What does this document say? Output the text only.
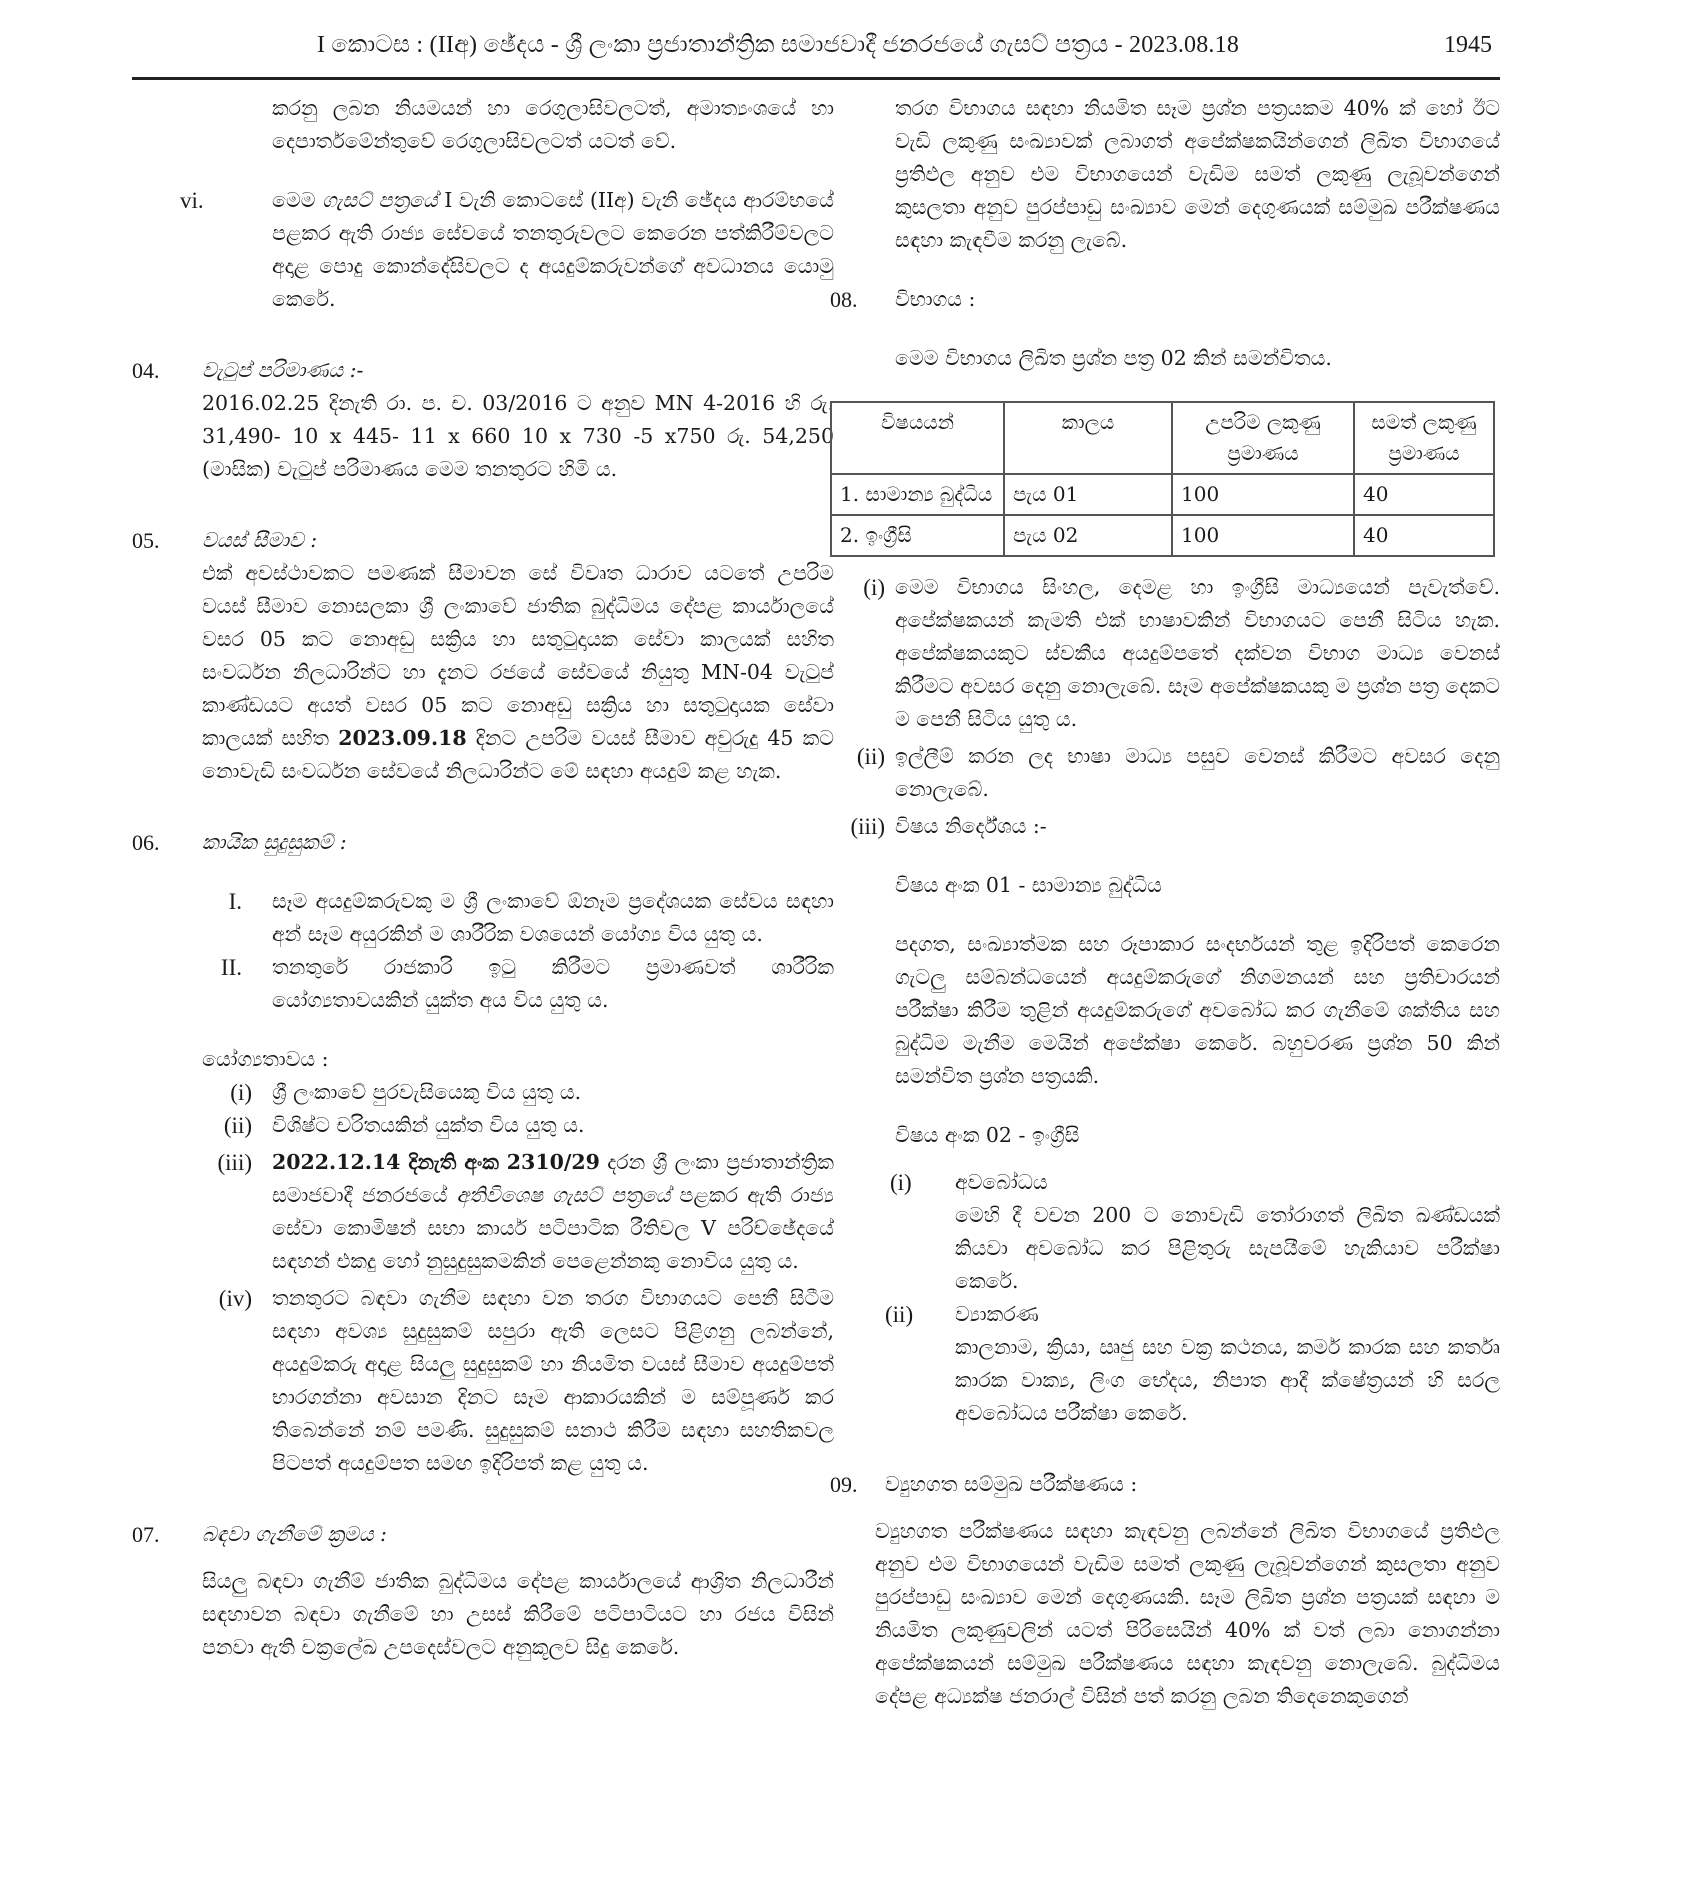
I කොටස : (IIඅ) ඡේදය - ශ්‍රී ලංකා ප්‍රජාතාන්ත්‍රික සමාජවාදී ජනරජයේ ගැසට් පත්‍රය - 2023.08.18	1945

කරනු ලබන නියමයන් හා රෙගුලාසිවලටත්, අමාත්‍යංශයේ හා දෙපාර්තමේන්තුවේ රෙගුලාසිවලටත් යටත් වේ.

vi.	මෙම ගැසට් පත්‍රයේ I වැනි කොටසේ (IIඅ) වැනි ඡේදය ආරම්භයේ පළකර ඇති රාජ්‍ය සේවයේ තනතුරුවලට කෙරෙන පත්කිරීම්වලට අදාළ පොදු කොන්දේසිවලට ද අයදුම්කරුවන්ගේ අවධානය යොමු කෙරේ.

04.	වැටුප් පරිමාණය :-

2016.02.25 දිනැති රා. ප. ච. 03/2016 ට අනුව MN 4-2016 හි රු. 31,490- 10 x 445- 11 x 660 10 x 730 -5 x750 රු. 54,250 (මාසික) වැටුප් පරිමාණය මෙම තනතුරට හිමි ය.

05.	වයස් සීමාව :

එක් අවස්ථාවකට පමණක් සීමාවන සේ විවෘත ධාරාව යටතේ උපරිම වයස් සීමාව නොසලකා ශ්‍රී ලංකාවේ ජාතික බුද්ධිමය දේපළ කාර්යාලයේ වසර 05 කට නොඅඩු සක්‍රිය හා සතුටුදායක සේවා කාලයක් සහිත සංවර්ධන නිලධාරින්ට හා දැනට රජයේ සේවයේ නියුතු MN-04 වැටුප් කාණ්ඩයට අයත් වසර 05 කට නොඅඩු සක්‍රිය හා සතුටුදායක සේවා කාලයක් සහිත 2023.09.18 දිනට උපරිම වයස් සීමාව අවුරුදු 45 කට නොවැඩි සංවර්ධන සේවයේ නිලධාරින්ට මේ සඳහා අයදුම් කළ හැක.

06.	කායික සුදුසුකම් :
I. සෑම අයදුම්කරුවකු ම ශ්‍රී ලංකාවේ ඕනෑම ප්‍රදේශයක සේවය සඳහා අන් සෑම අයුරකින් ම ශාරීරික වශයෙන් යෝග්‍ය විය යුතු ය.

II. තනතුරේ රාජකාරි ඉටු කිරීමට ප්‍රමාණවත් ශාරීරික යෝග්‍යතාවයකින් යුක්ත අය විය යුතු ය.

යෝග්‍යතාවය :
(i) ශ්‍රී ලංකාවේ පුරවැසියෙකු විය යුතු ය.

(ii) විශිෂ්ට චරිතයකින් යුක්ත විය යුතු ය.

(iii) 2022.12.14 දිනැති අංක 2310/29 දරන ශ්‍රී ලංකා ප්‍රජාතාන්ත්‍රික සමාජවාදී ජනරජයේ අතිවිශෙෂ ගැසට් පත්‍රයේ පළකර ඇති රාජ්‍ය සේවා කොමිෂන් සභා කාර්ය පටිපාටික රීතිවල V පරිච්ඡේදයේ සඳහන් එකදු හෝ නුසුදුසුකමකින් පෙළෙන්නකු නොවිය යුතු ය.

(iv) තනතුරට බඳවා ගැනීම සඳහා වන තරග විභාගයට පෙනී සිටීම සඳහා අවශ්‍ය සුදුසුකම් සපුරා ඇති ලෙසට පිළිගනු ලබන්නේ, අයදුම්කරු අදාළ සියලු සුදුසුකම් හා නියමිත වයස් සීමාව අයදුම්පත් භාරගන්නා අවසාන දිනට සෑම ආකාරයකින් ම සම්පූර්ණ කර තිබෙන්නේ නම් පමණි. සුදුසුකම් සනාථ කිරීම සඳහා සහතිකවල පිටපත් අයදුම්පත සමඟ ඉදිරිපත් කළ යුතු ය.

07.	බඳවා ගැනීමේ ක්‍රමය :

සියලු බඳවා ගැනීම් ජාතික බුද්ධිමය දේපළ කාර්යාලයේ ආශ්‍රිත නිලධාරීන් සඳහාවන බඳවා ගැනීමේ හා උසස් කිරීමේ පටිපාටියට හා රජය විසින් පනවා ඇති චක්‍රලේඛ උපදෙස්වලට අනුකූලව සිදු කෙරේ.

තරග විභාගය සඳහා නියමිත සෑම ප්‍රශ්න පත්‍රයකම 40% ක් හෝ ඊට වැඩි ලකුණු සංඛ්‍යාවක් ලබාගත් අපේක්ෂකයින්ගෙන් ලිඛිත විභාගයේ ප්‍රතිඵල අනුව එම විභාගයෙන් වැඩිම සමත් ලකුණු ලැබූවන්ගෙන් කුසලතා අනුව පුරප්පාඩු සංඛ්‍යාව මෙන් දෙගුණයක් සම්මුඛ පරීක්ෂණය සඳහා කැඳවීම කරනු ලැබේ.

08.	විභාගය :

මෙම විභාගය ලිඛිත ප්‍රශ්න පත්‍ර 02 කින් සමන්විතය.

විෂයයන්	කාලය	උපරිම ලකුණු ප්‍රමාණය	සමත් ලකුණු ප්‍රමාණය
1. සාමාන්‍ය බුද්ධිය	පැය 01	100	40
2. ඉංග්‍රීසි	පැය 02	100	40
(i) මෙම විභාගය සිංහල, දෙමළ හා ඉංග්‍රීසි මාධ්‍යයෙන් පැවැත්වේ. අපේක්ෂකයන් කැමති එක් භාෂාවකින් විභාගයට පෙනී සිටිය හැක. අපේක්ෂකයකුට ස්වකීය අයදුම්පතේ දක්වන විභාග මාධ්‍ය වෙනස් කිරීමට අවසර දෙනු නොලැබේ. සෑම අපේක්ෂකයකු ම ප්‍රශ්න පත්‍ර දෙකට ම පෙනී සිටිය යුතු ය.

(ii) ඉල්ලීම් කරන ලද භාෂා මාධ්‍ය පසුව වෙනස් කිරීමට අවසර දෙනු නොලැබේ.

(iii) විෂය නිර්දේශය :-

විෂය අංක 01 - සාමාන්‍ය බුද්ධිය

පදගත, සංඛ්‍යාත්මක සහ රූපාකාර සංදර්භයන් තුළ ඉදිරිපත් කෙරෙන ගැටලු සම්බන්ධයෙන් අයදුම්කරුගේ නිගමනයන් සහ ප්‍රතිචාරයන් පරීක්ෂා කිරීම තුළින් අයදුම්කරුගේ අවබෝධ කර ගැනීමේ ශක්තිය සහ බුද්ධිම මැනීම මෙයින් අපේක්ෂා කෙරේ. බහුවරණ ප්‍රශ්න 50 කින් සමන්විත ප්‍රශ්න පත්‍රයකි.

විෂය අංක 02 - ඉංග්‍රීසි
(i)	අවබෝධය

මෙහි දී වචන 200 ට නොවැඩි තෝරාගත් ලිඛිත ඛණ්ඩයක් කියවා අවබෝධ කර පිළිතුරු සැපයීමේ හැකියාව පරීක්ෂා කෙරේ.

(ii)	ව්‍යාකරණ

කාලනාම, ක්‍රියා, ඍජු සහ වක්‍ර කථනය, කර්ම කාරක සහ කර්තෘ කාරක වාක්‍ය, ලිංග භේදය, නිපාත ආදී ක්ෂේත්‍රයන් හි සරල අවබෝධය පරීක්ෂා කෙරේ.

09.	ව්‍යුහගත සම්මුඛ පරීක්ෂණය :

ව්‍යුහගත පරීක්ෂණය සඳහා කැඳවනු ලබන්නේ ලිඛිත විභාගයේ ප්‍රතිඵල අනුව එම විභාගයෙන් වැඩිම සමත් ලකුණු ලැබූවන්ගෙන් කුසලතා අනුව පුරප්පාඩු සංඛ්‍යාව මෙන් දෙගුණයකි. සෑම ලිඛිත ප්‍රශ්න පත්‍රයක් සඳහා ම නියමිත ලකුණුවලින් යටත් පිරිසෙයින් 40% ක් වත් ලබා නොගන්නා අපේක්ෂකයන් සම්මුඛ පරීක්ෂණය සඳහා කැඳවනු නොලැබේ. බුද්ධිමය දේපළ අධ්‍යක්ෂ ජනරාල් විසින් පත් කරනු ලබන තිදෙනෙකුගෙන්
